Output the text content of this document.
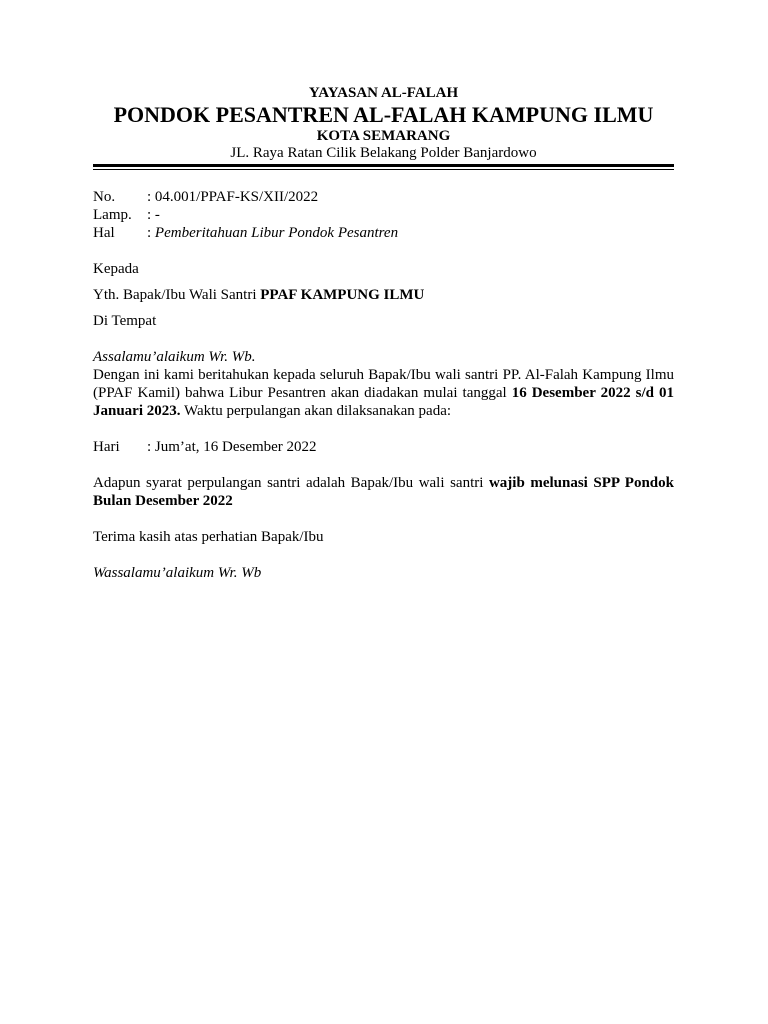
YAYASAN AL-FALAH

PONDOK PESANTREN AL-FALAH KAMPUNG ILMU

KOTA SEMARANG

JL. Raya Ratan Cilik Belakang Polder Banjardowo

No.	: 04.001/PPAF-KS/XII/2022
Lamp.	: -
Hal	: Pemberitahuan Libur Pondok Pesantren

Kepada

Yth. Bapak/Ibu Wali Santri PPAF KAMPUNG ILMU

Di Tempat

Assalamu’alaikum Wr. Wb.

Dengan ini kami beritahukan kepada seluruh Bapak/Ibu wali santri PP. Al-Falah Kampung Ilmu (PPAF Kamil) bahwa Libur Pesantren akan diadakan mulai tanggal 16 Desember 2022 s/d 01 Januari 2023. Waktu perpulangan akan dilaksanakan pada:

Hari	: Jum’at, 16 Desember 2022

Adapun syarat perpulangan santri adalah Bapak/Ibu wali santri wajib melunasi SPP Pondok Bulan Desember 2022

Terima kasih atas perhatian Bapak/Ibu

Wassalamu’alaikum Wr. Wb
